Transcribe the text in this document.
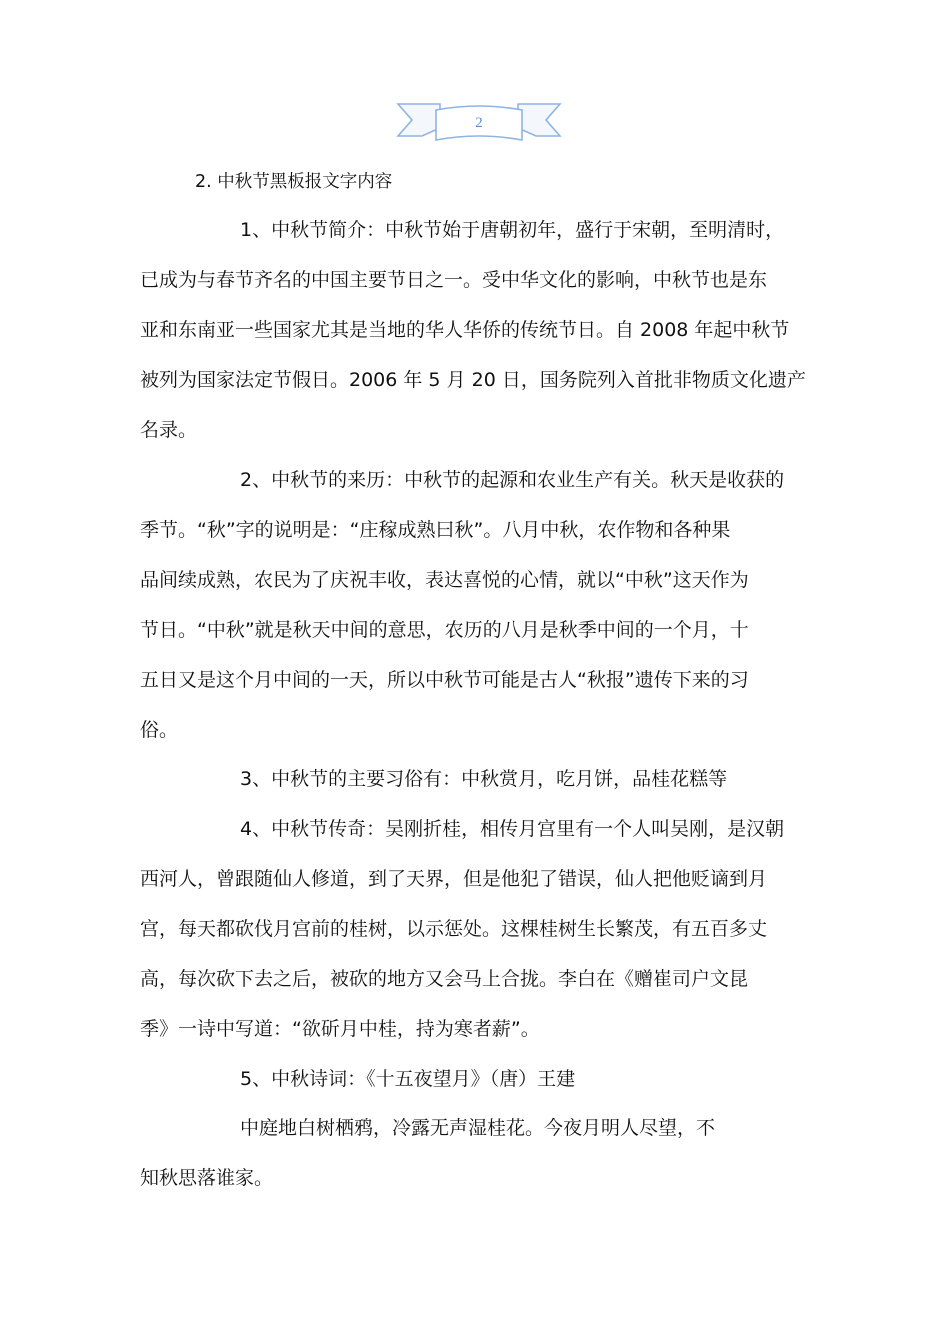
2
2. 中秋节黑板报文字内容
1、中秋节简介：中秋节始于唐朝初年，盛行于宋朝，至明清时，
已成为与春节齐名的中国主要节日之一。受中华文化的影响，中秋节也是东
亚和东南亚一些国家尤其是当地的华人华侨的传统节日。自 2008 年起中秋节
被列为国家法定节假日。2006 年 5 月 20 日，国务院列入首批非物质文化遗产
名录。
2、中秋节的来历：中秋节的起源和农业生产有关。秋天是收获的
季节。“秋”字的说明是：“庄稼成熟曰秋”。八月中秋，农作物和各种果
品间续成熟，农民为了庆祝丰收，表达喜悦的心情，就以“中秋”这天作为
节日。“中秋”就是秋天中间的意思，农历的八月是秋季中间的一个月，十
五日又是这个月中间的一天，所以中秋节可能是古人“秋报”遗传下来的习
俗。
3、中秋节的主要习俗有：中秋赏月，吃月饼，品桂花糕等
4、中秋节传奇：吴刚折桂，相传月宫里有一个人叫吴刚，是汉朝
西河人，曾跟随仙人修道，到了天界，但是他犯了错误，仙人把他贬谪到月
宫，每天都砍伐月宫前的桂树，以示惩处。这棵桂树生长繁茂，有五百多丈
高，每次砍下去之后，被砍的地方又会马上合拢。李白在《赠崔司户文昆
季》一诗中写道：“欲斫月中桂，持为寒者薪”。
5、中秋诗词：《十五夜望月》（唐）王建
中庭地白树栖鸦，冷露无声湿桂花。今夜月明人尽望，不
知秋思落谁家。
